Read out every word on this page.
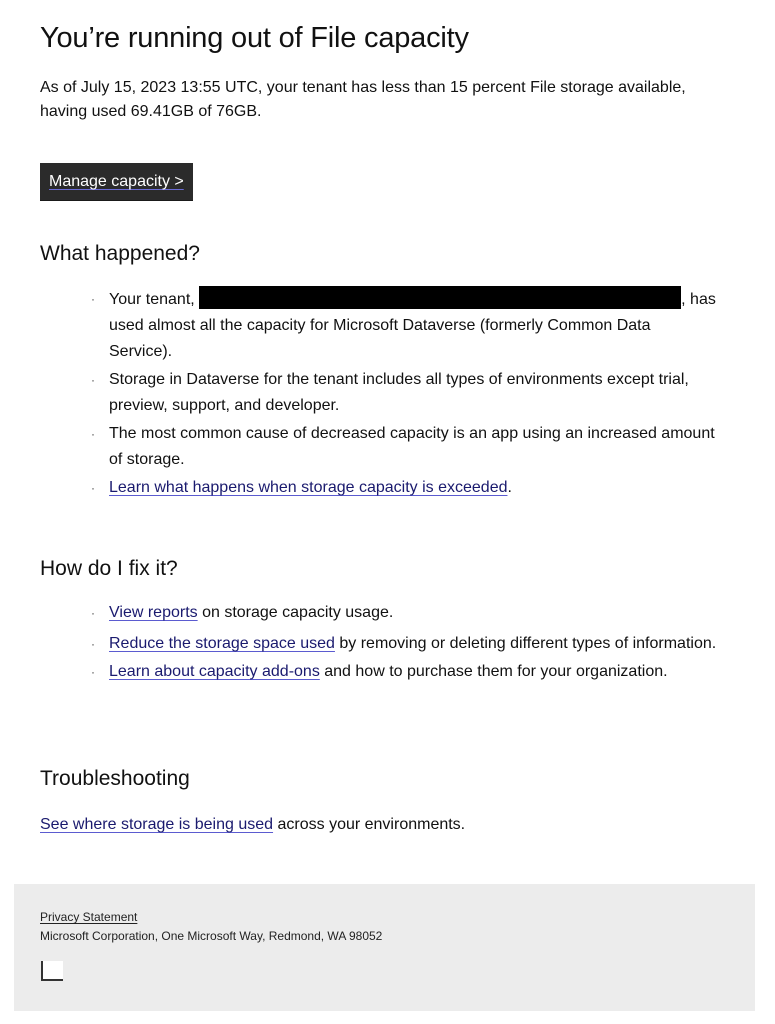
You’re running out of File capacity

As of July 15, 2023 13:55 UTC, your tenant has less than 15 percent File storage available, having used 69.41GB of 76GB.

Manage capacity >
What happened?
· Your tenant,	, has used almost all the capacity for Microsoft Dataverse (formerly Common Data Service).
· Storage in Dataverse for the tenant includes all types of environments except trial, preview, support, and developer.
· The most common cause of decreased capacity is an app using an increased amount of storage.
· Learn what happens when storage capacity is exceeded.
How do I fix it?
· View reports on storage capacity usage.
· Reduce the storage space used by removing or deleting different types of information.
· Learn about capacity add-ons and how to purchase them for your organization.
Troubleshooting

See where storage is being used across your environments.

Privacy Statement
Microsoft Corporation, One Microsoft Way, Redmond, WA 98052
